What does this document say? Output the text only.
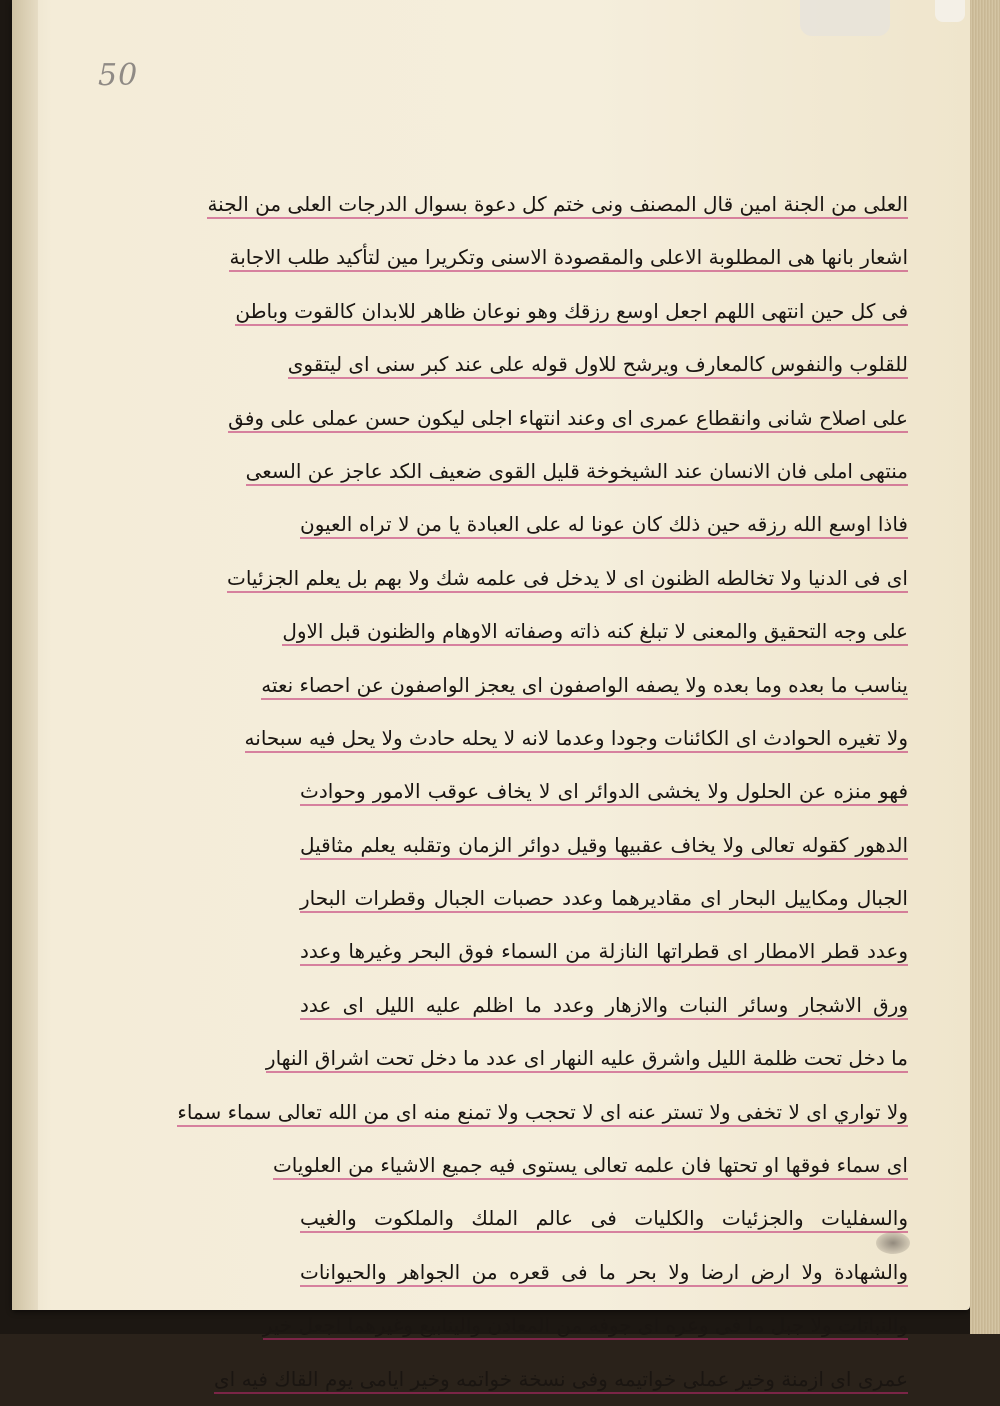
50
العلى من الجنة امين قال المصنف ونى ختم كل دعوة بسوال الدرجات العلى من الجنة
اشعار بانها هى المطلوبة الاعلى والمقصودة الاسنى وتكريرا مين لتأكيد طلب الاجابة
فى كل حين انتهى اللهم اجعل اوسع رزقك وهو نوعان ظاهر للابدان كالقوت وباطن
للقلوب والنفوس كالمعارف ويرشح للاول قوله على عند كبر سنى اى ليتقوى
على اصلاح شانى وانقطاع عمرى اى وعند انتهاء اجلى ليكون حسن عملى على وفق
منتهى املى فان الانسان عند الشيخوخة قليل القوى ضعيف الكد عاجز عن السعى
فاذا اوسع الله رزقه حين ذلك كان عونا له على العبادة يا من لا تراه العيون
اى فى الدنيا ولا تخالطه الظنون اى لا يدخل فى علمه شك ولا بهم بل يعلم الجزئيات
على وجه التحقيق والمعنى لا تبلغ كنه ذاته وصفاته الاوهام والظنون قبل الاول
يناسب ما بعده وما بعده ولا يصفه الواصفون اى يعجز الواصفون عن احصاء نعته
ولا تغيره الحوادث اى الكائنات وجودا وعدما لانه لا يحله حادث ولا يحل فيه سبحانه
فهو منزه عن الحلول ولا يخشى الدوائر اى لا يخاف عوقب الامور وحوادث
الدهور كقوله تعالى ولا يخاف عقبيها وقيل دوائر الزمان وتقلبه يعلم مثاقيل
الجبال ومكاييل البحار اى مقاديرهما وعدد حصبات الجبال وقطرات البحار
وعدد قطر الامطار اى قطراتها النازلة من السماء فوق البحر وغيرها وعدد
ورق الاشجار وسائر النبات والازهار وعدد ما اظلم عليه الليل اى عدد
ما دخل تحت ظلمة الليل واشرق عليه النهار اى عدد ما دخل تحت اشراق النهار
ولا تواري اى لا تخفى ولا تستر عنه اى لا تحجب ولا تمنع منه اى من الله تعالى سماء سماء
اى سماء فوقها او تحتها فان علمه تعالى يستوى فيه جميع الاشياء من العلويات
والسفليات والجزئيات والكليات فى عالم الملك والملكوت والغيب
والشهادة ولا ارض ارضا ولا بحر ما فى قعره من الجواهر والحيوانات
والنباتات ولا جبل ما فى وعره اى جوفه من المعادن والينابيع وغيرهما اجعل خير
عمرى اى ازمنة وخير عملى خواتيمه وفى نسخة خواتمه وخير ايامى يوم القاك فيه اى
